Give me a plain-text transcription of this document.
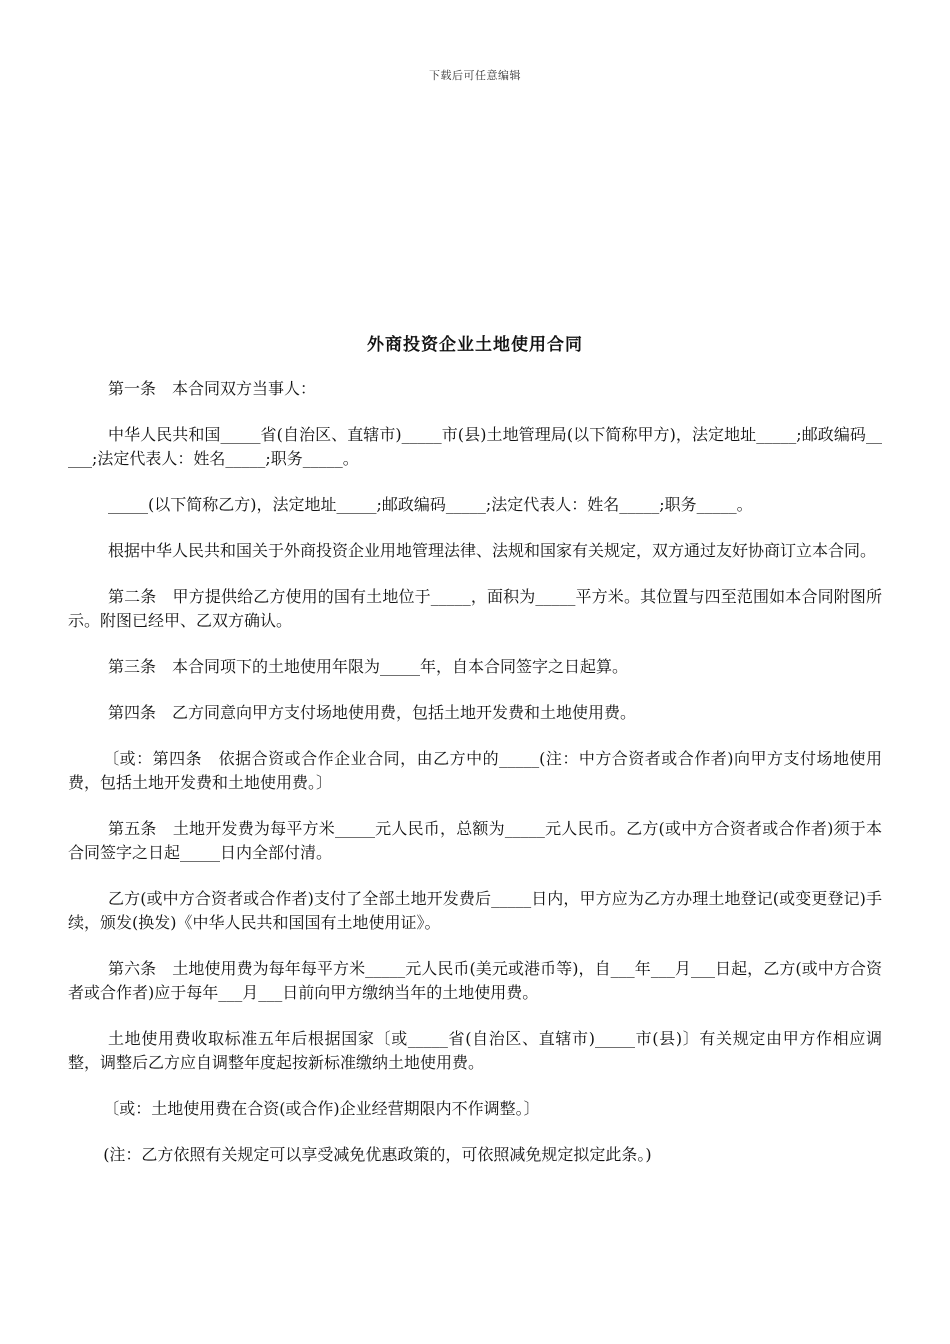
下载后可任意编辑
外商投资企业土地使用合同

第一条　本合同双方当事人：

中华人民共和国_____省(自治区、直辖市)_____市(县)土地管理局(以下简称甲方)，法定地址_____;邮政编码_____;法定代表人：姓名_____;职务_____。

_____(以下简称乙方)，法定地址_____;邮政编码_____;法定代表人：姓名_____;职务_____。

根据中华人民共和国关于外商投资企业用地管理法律、法规和国家有关规定，双方通过友好协商订立本合同。

第二条　甲方提供给乙方使用的国有土地位于_____，面积为_____平方米。其位置与四至范围如本合同附图所示。附图已经甲、乙双方确认。

第三条　本合同项下的土地使用年限为_____年，自本合同签字之日起算。

第四条　乙方同意向甲方支付场地使用费，包括土地开发费和土地使用费。

〔或：第四条　依据合资或合作企业合同，由乙方中的_____(注：中方合资者或合作者)向甲方支付场地使用费，包括土地开发费和土地使用费。〕

第五条　土地开发费为每平方米_____元人民币，总额为_____元人民币。乙方(或中方合资者或合作者)须于本合同签字之日起_____日内全部付清。

乙方(或中方合资者或合作者)支付了全部土地开发费后_____日内，甲方应为乙方办理土地登记(或变更登记)手续，颁发(换发)《中华人民共和国国有土地使用证》。

第六条　土地使用费为每年每平方米_____元人民币(美元或港币等)，自___年___月___日起，乙方(或中方合资者或合作者)应于每年___月___日前向甲方缴纳当年的土地使用费。

土地使用费收取标准五年后根据国家〔或_____省(自治区、直辖市)_____市(县)〕有关规定由甲方作相应调整，调整后乙方应自调整年度起按新标准缴纳土地使用费。

〔或：土地使用费在合资(或合作)企业经营期限内不作调整。〕

(注：乙方依照有关规定可以享受减免优惠政策的，可依照减免规定拟定此条。)
